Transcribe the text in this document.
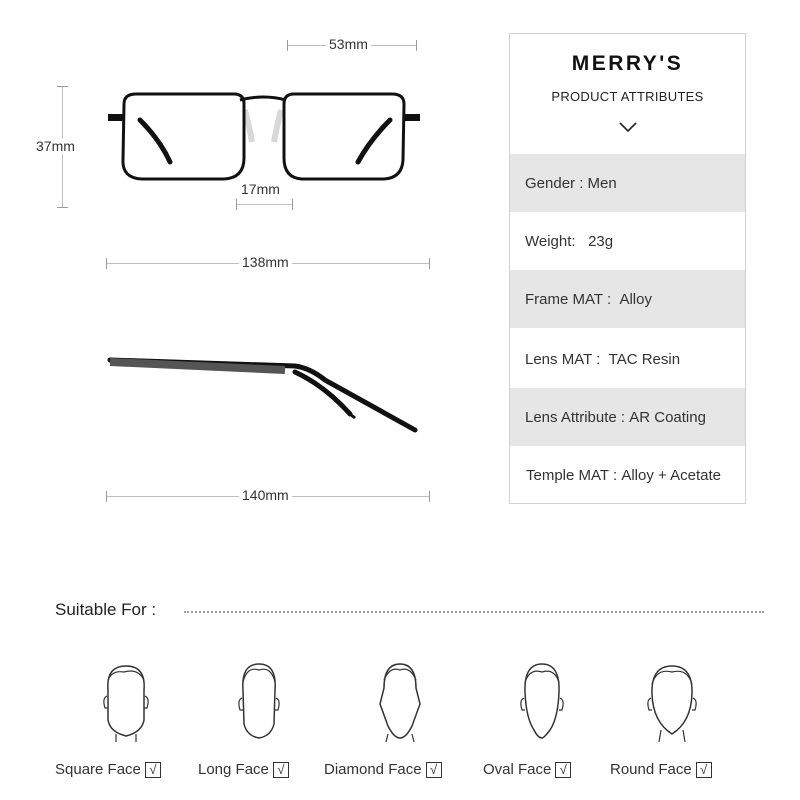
53mm
37mm
17mm
138mm
140mm
MERRY'S
PRODUCT ATTRIBUTES
Gender : Men
Weight: 23g
Frame MAT : Alloy
Lens MAT : TAC Resin
Lens Attribute : AR Coating
Temple MAT : Alloy + Acetate
Suitable For :
Square Face √	Long Face √	Diamond Face √	Oval Face √	Round Face √
